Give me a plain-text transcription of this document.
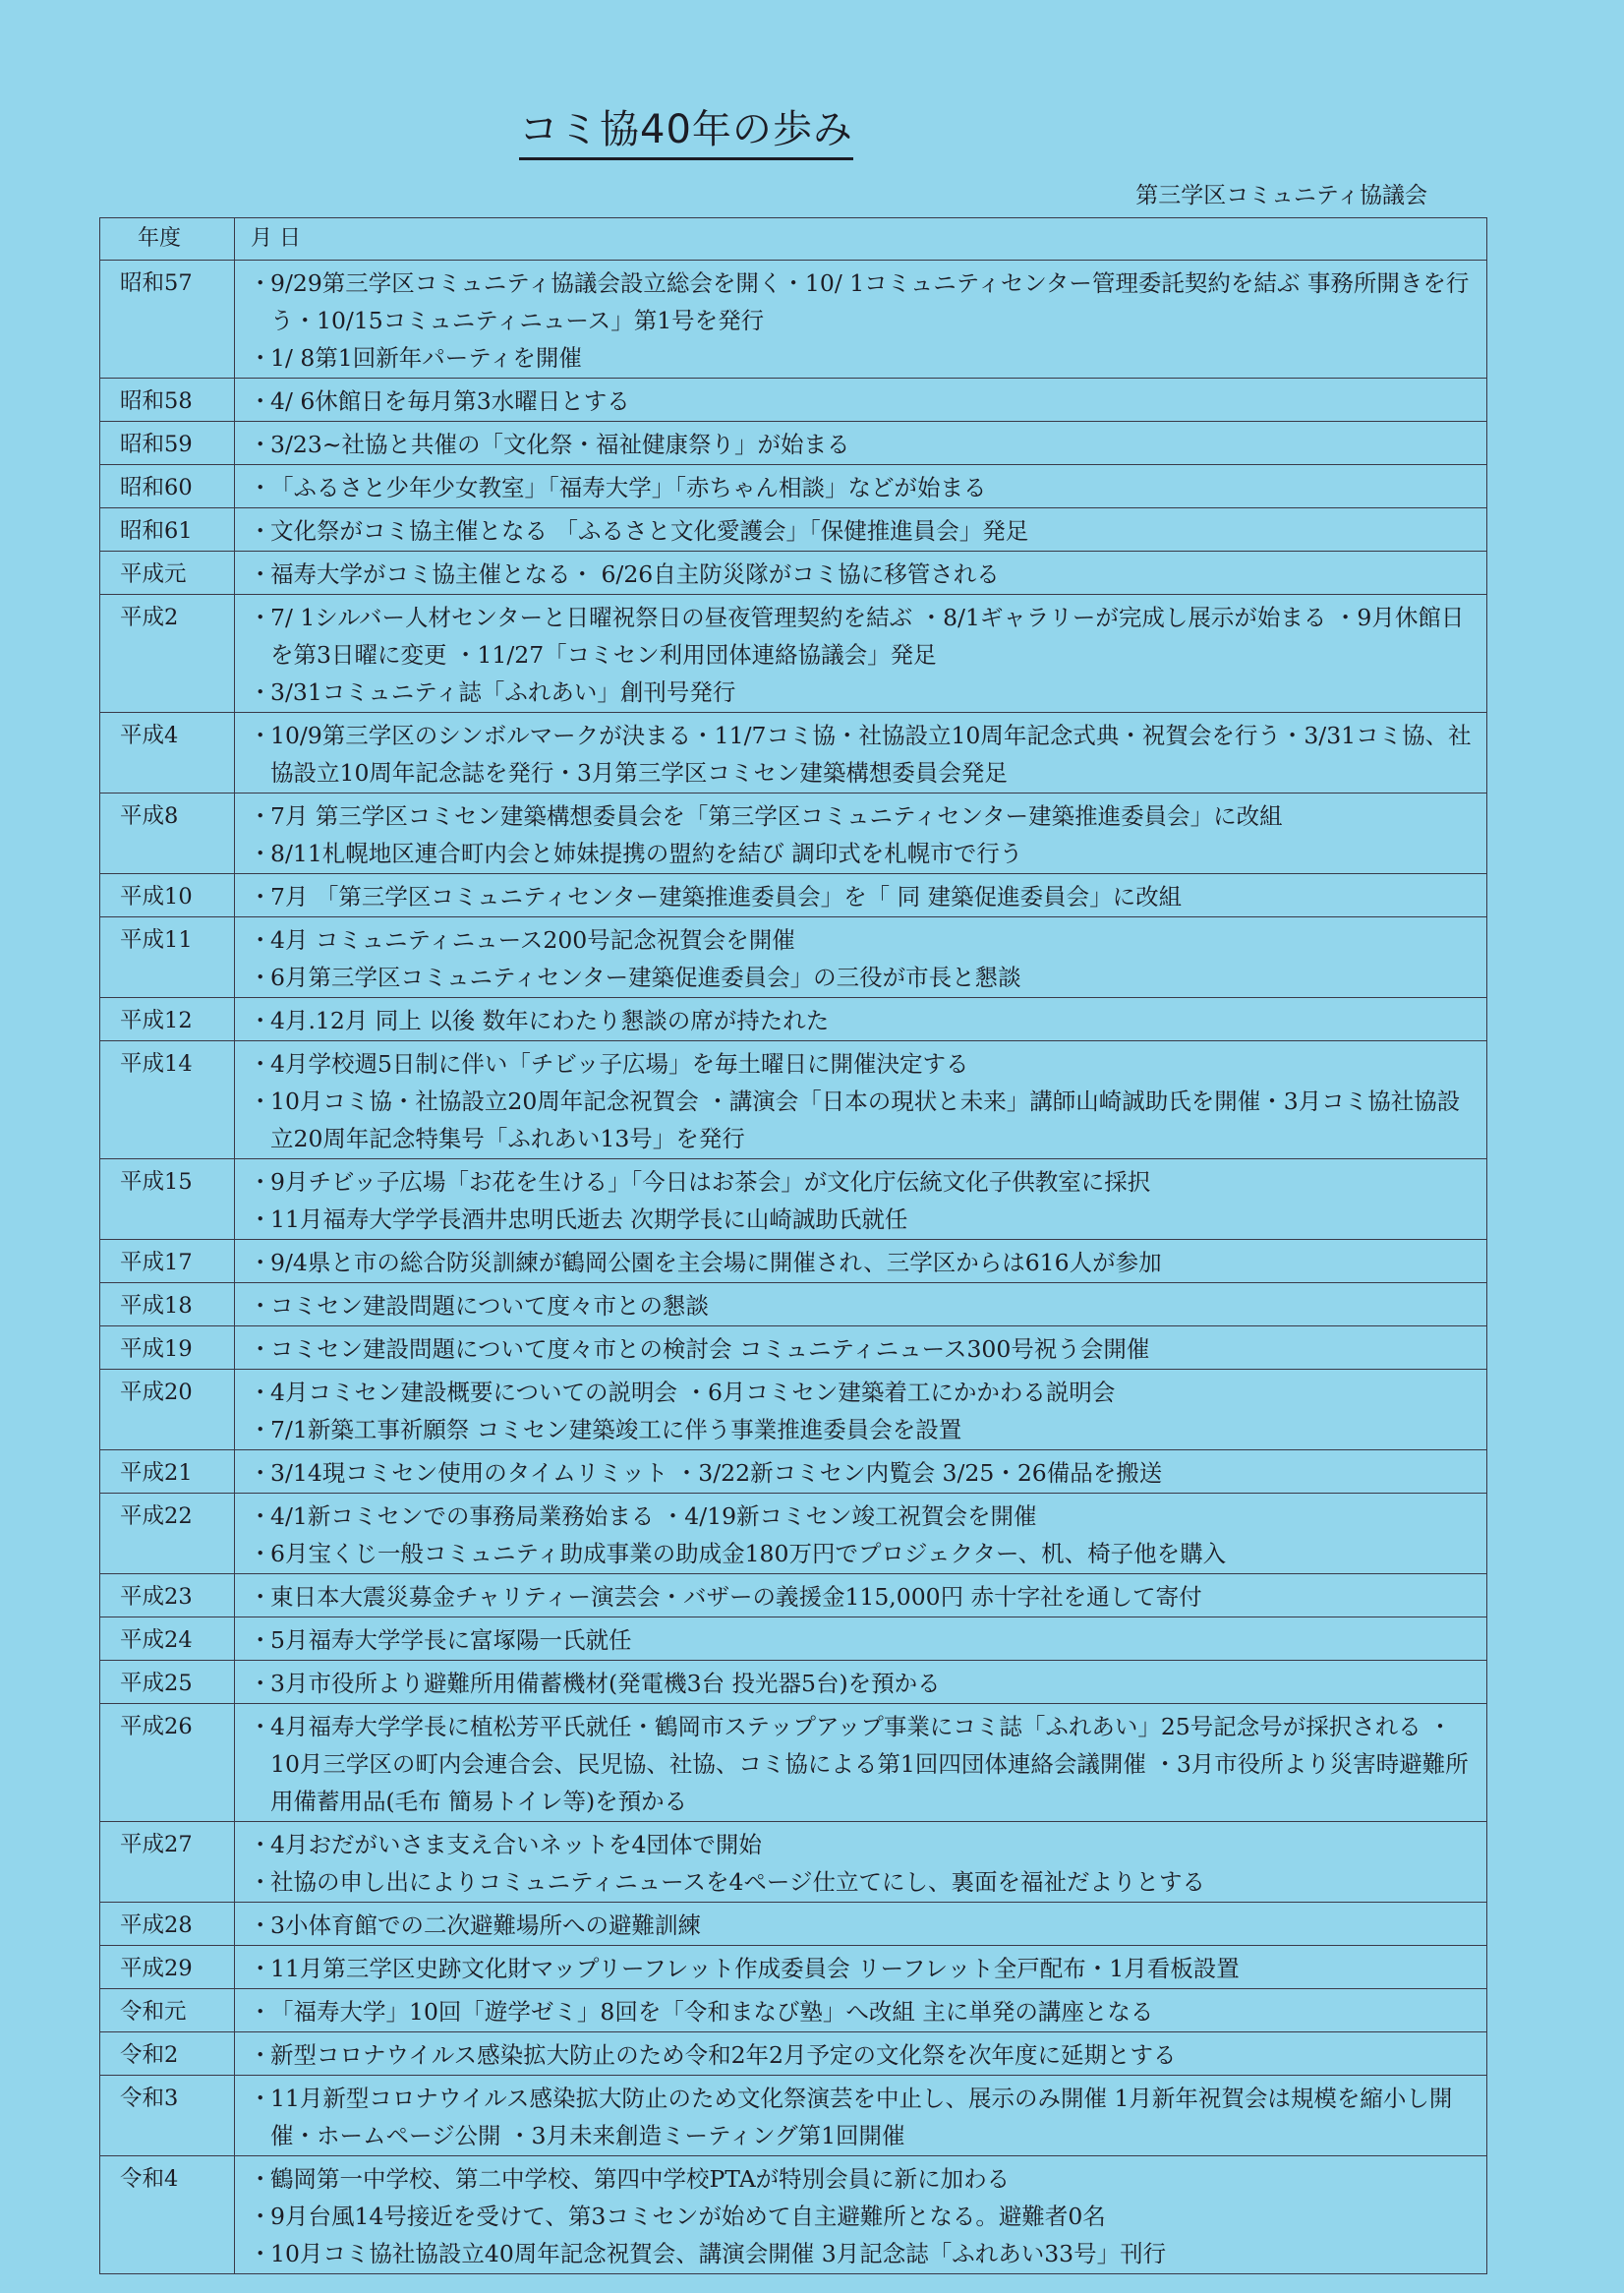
コミ協40年の歩み
第三学区コミュニティ協議会
年度	月 日
昭和57	・ 9/29第三学区コミュニティ協議会設立総会を開く・10/ 1コミュニティセンター管理委託契約を結ぶ 事務所開きを行う・10/15コミュニティニュース」第1号を発行
・ 1/ 8第1回新年パーティを開催

昭和58	・ 4/ 6休館日を毎月第3水曜日とする

昭和59	・ 3/23~社協と共催の「文化祭・福祉健康祭り」が始まる

昭和60	・ 「ふるさと少年少女教室」「福寿大学」「赤ちゃん相談」などが始まる

昭和61	・ 文化祭がコミ協主催となる 「ふるさと文化愛護会」「保健推進員会」発足

平成元	・ 福寿大学がコミ協主催となる・ 6/26自主防災隊がコミ協に移管される

平成2	・ 7/ 1シルバー人材センターと日曜祝祭日の昼夜管理契約を結ぶ ・8/1ギャラリーが完成し展示が始まる ・9月休館日を第3日曜に変更 ・11/27「コミセン利用団体連絡協議会」発足
・ 3/31コミュニティ誌「ふれあい」創刊号発行

平成4	・ 10/9第三学区のシンボルマークが決まる・11/7コミ協・社協設立10周年記念式典・祝賀会を行う・3/31コミ協、社協設立10周年記念誌を発行・3月第三学区コミセン建築構想委員会発足

平成8	・ 7月 第三学区コミセン建築構想委員会を「第三学区コミュニティセンター建築推進委員会」に改組
・ 8/11札幌地区連合町内会と姉妹提携の盟約を結び 調印式を札幌市で行う

平成10	・ 7月 「第三学区コミュニティセンター建築推進委員会」を「 同 建築促進委員会」に改組

平成11	・ 4月 コミュニティニュース200号記念祝賀会を開催
・ 6月第三学区コミュニティセンター建築促進委員会」の三役が市長と懇談

平成12	・ 4月.12月 同上 以後 数年にわたり懇談の席が持たれた

平成14	・ 4月学校週5日制に伴い「チビッ子広場」を毎土曜日に開催決定する
・ 10月コミ協・社協設立20周年記念祝賀会 ・講演会「日本の現状と未来」講師山崎誠助氏を開催・3月コミ協社協設立20周年記念特集号「ふれあい13号」を発行

平成15	・ 9月チビッ子広場「お花を生ける」「今日はお茶会」が文化庁伝統文化子供教室に採択
・ 11月福寿大学学長酒井忠明氏逝去 次期学長に山崎誠助氏就任

平成17	・ 9/4県と市の総合防災訓練が鶴岡公園を主会場に開催され、三学区からは616人が参加

平成18	・ コミセン建設問題について度々市との懇談

平成19	・ コミセン建設問題について度々市との検討会 コミュニティニュース300号祝う会開催

平成20	・ 4月コミセン建設概要についての説明会 ・6月コミセン建築着工にかかわる説明会
・ 7/1新築工事祈願祭 コミセン建築竣工に伴う事業推進委員会を設置

平成21	・ 3/14現コミセン使用のタイムリミット ・3/22新コミセン内覧会 3/25・26備品を搬送

平成22	・ 4/1新コミセンでの事務局業務始まる ・4/19新コミセン竣工祝賀会を開催
・ 6月宝くじ一般コミュニティ助成事業の助成金180万円でプロジェクター、机、椅子他を購入

平成23	・ 東日本大震災募金チャリティー演芸会・バザーの義援金115,000円 赤十字社を通して寄付

平成24	・ 5月福寿大学学長に富塚陽一氏就任

平成25	・ 3月市役所より避難所用備蓄機材(発電機3台 投光器5台)を預かる

平成26	・ 4月福寿大学学長に植松芳平氏就任・鶴岡市ステップアップ事業にコミ誌「ふれあい」25号記念号が採択される ・10月三学区の町内会連合会、民児協、社協、コミ協による第1回四団体連絡会議開催 ・3月市役所より災害時避難所用備蓄用品(毛布 簡易トイレ等)を預かる

平成27	・ 4月おだがいさま支え合いネットを4団体で開始
・ 社協の申し出によりコミュニティニュースを4ページ仕立てにし、裏面を福祉だよりとする

平成28	・ 3小体育館での二次避難場所への避難訓練

平成29	・ 11月第三学区史跡文化財マップリーフレット作成委員会 リーフレット全戸配布・1月看板設置

令和元	・ 「福寿大学」10回「遊学ゼミ」8回を「令和まなび塾」へ改組 主に単発の講座となる

令和2	・ 新型コロナウイルス感染拡大防止のため令和2年2月予定の文化祭を次年度に延期とする

令和3	・ 11月新型コロナウイルス感染拡大防止のため文化祭演芸を中止し、展示のみ開催 1月新年祝賀会は規模を縮小し開催・ホームページ公開 ・3月未来創造ミーティング第1回開催

令和4	・ 鶴岡第一中学校、第二中学校、第四中学校PTAが特別会員に新に加わる
・ 9月台風14号接近を受けて、第3コミセンが始めて自主避難所となる。避難者0名
・ 10月コミ協社協設立40周年記念祝賀会、講演会開催 3月記念誌「ふれあい33号」刊行
